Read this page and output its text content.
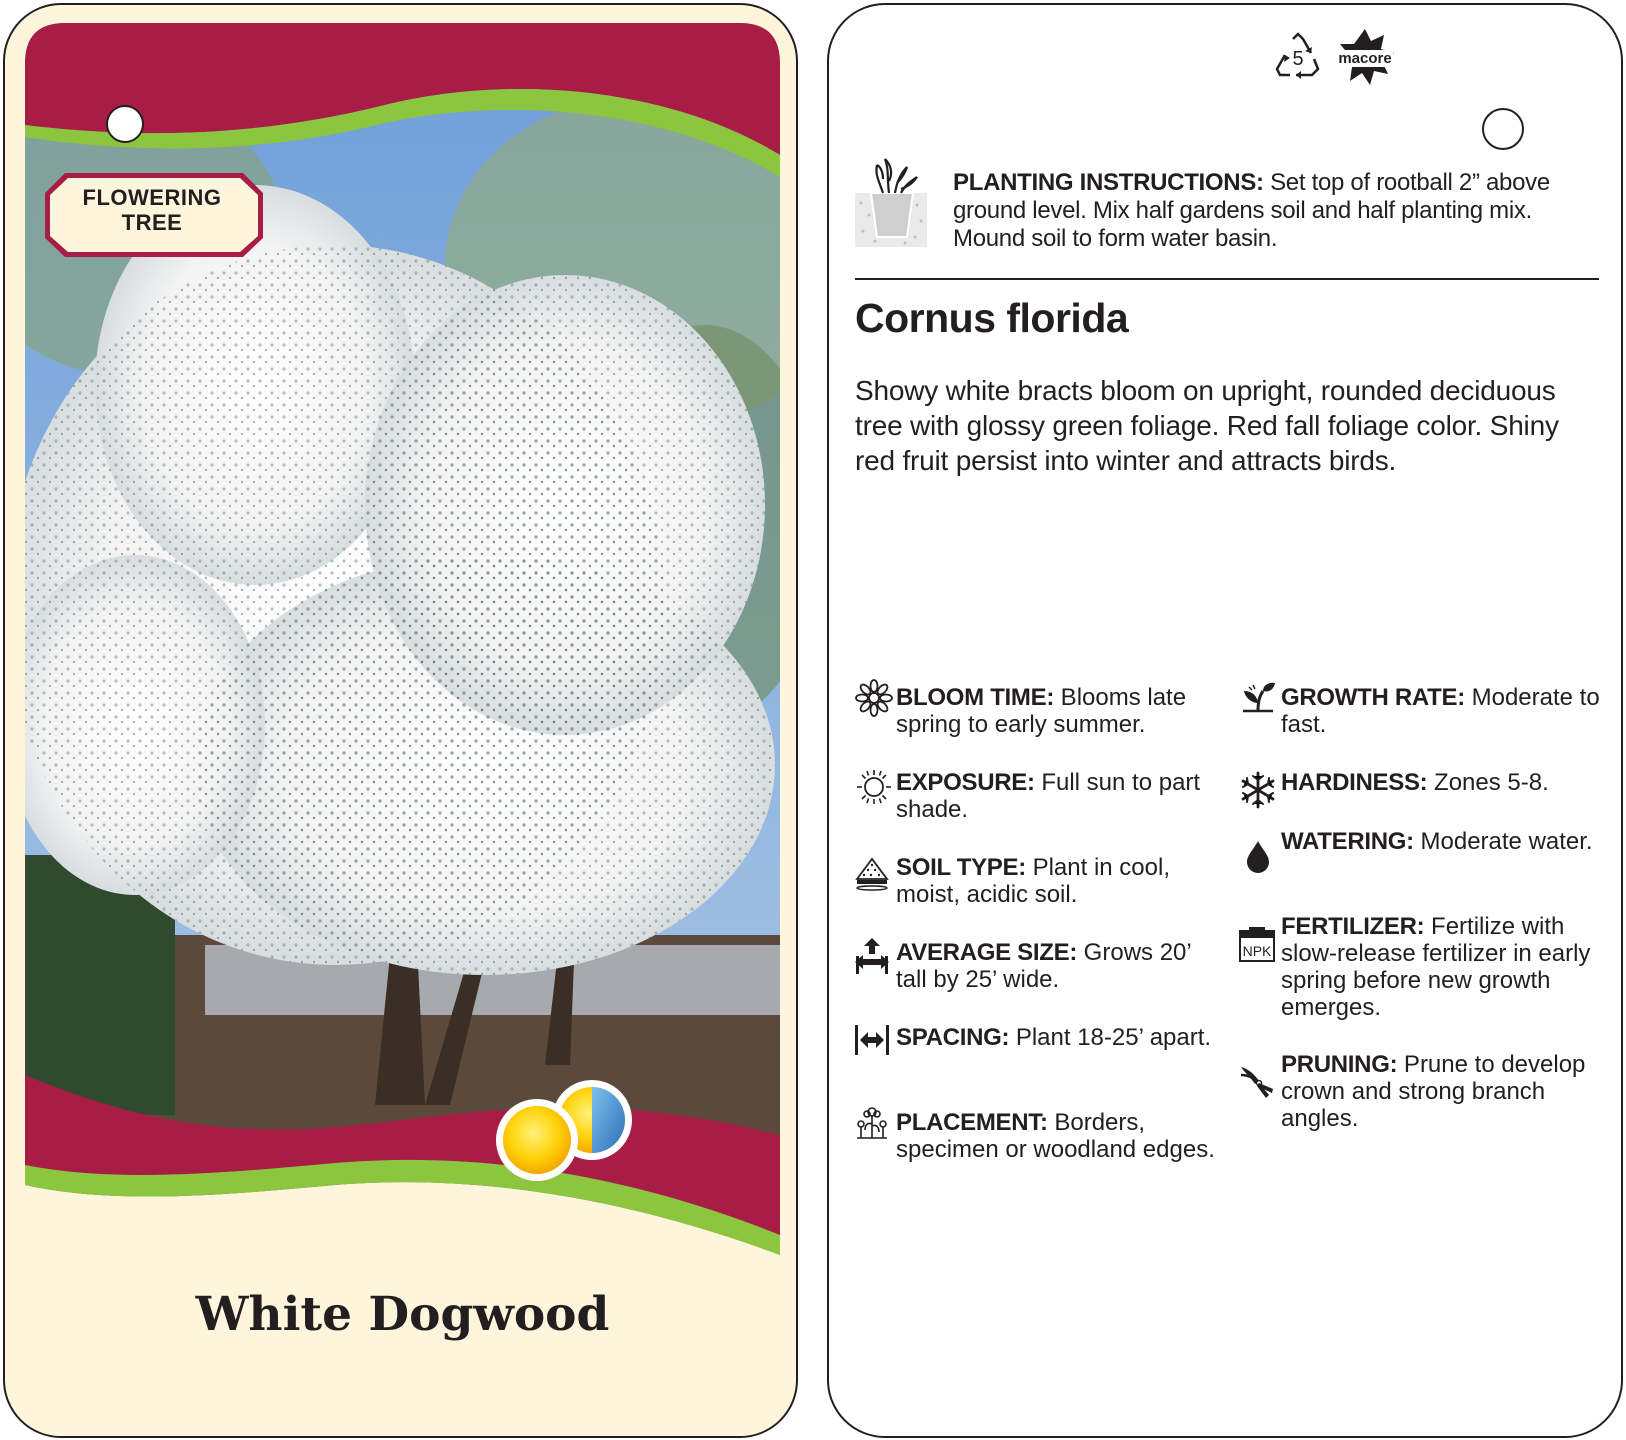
FLOWERING
TREE
White Dogwood
5 macore
PLANTING INSTRUCTIONS: Set top of rootball 2” above ground level. Mix half gardens soil and half planting mix. Mound soil to form water basin.
Cornus florida
Showy white bracts bloom on upright, rounded deciduous tree with glossy green foliage. Red fall foliage color. Shiny red fruit persist into winter and attracts birds.
BLOOM TIME: Blooms late spring to early summer.
EXPOSURE: Full sun to part shade.
SOIL TYPE: Plant in cool, moist, acidic soil.
AVERAGE SIZE: Grows 20’ tall by 25’ wide.
SPACING: Plant 18-25’ apart.
PLACEMENT: Borders, specimen or woodland edges.
GROWTH RATE: Moderate to fast.
HARDINESS: Zones 5-8.
WATERING: Moderate water.
NPK
FERTILIZER: Fertilize with slow-release fertilizer in early spring before new growth emerges.
PRUNING: Prune to develop crown and strong branch angles.
